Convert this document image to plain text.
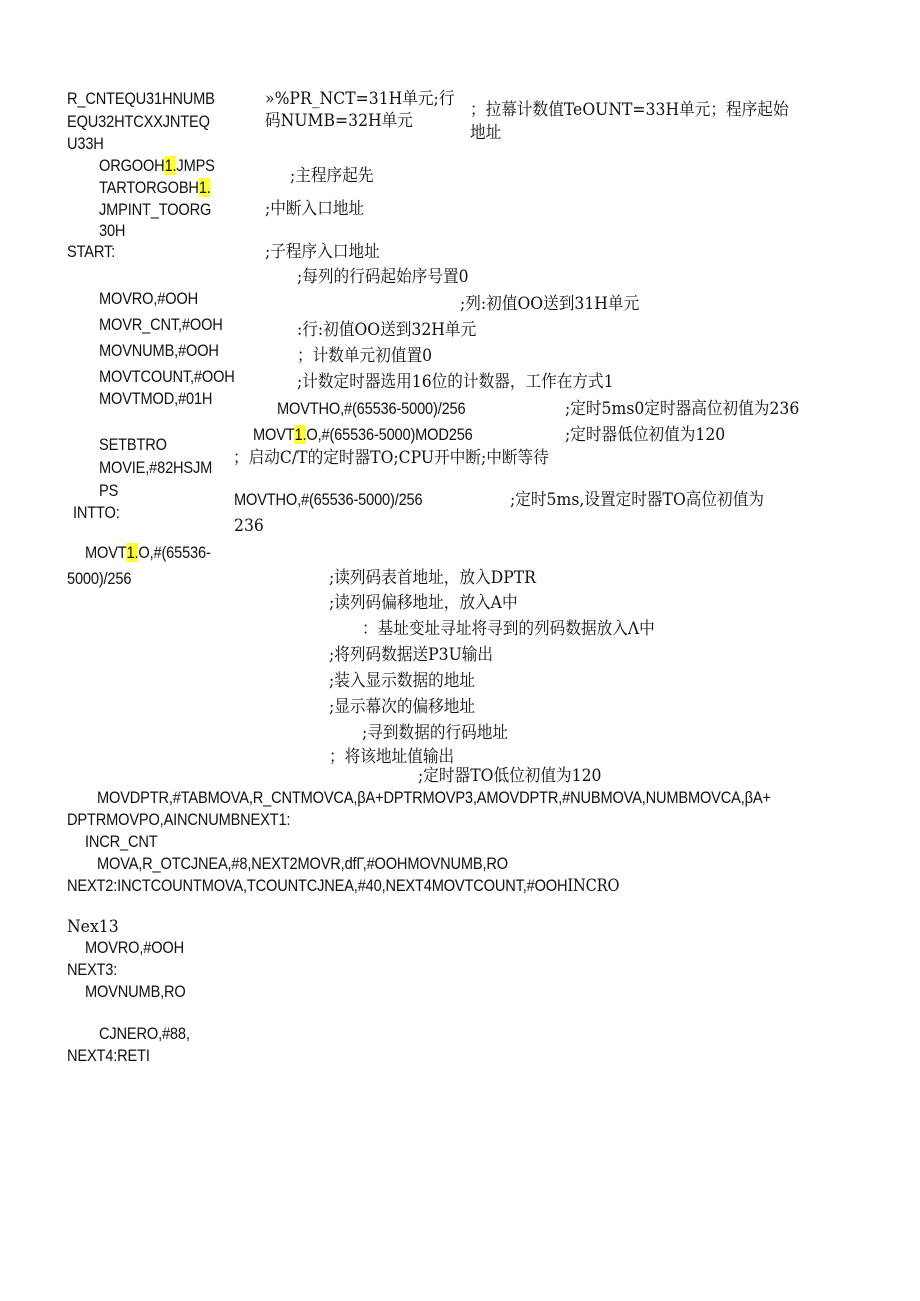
R_CNTEQU31HNUMB
EQU32HTCXXJNTEQ
U33H
ORGOOH1.JMPS
TARTORGOBH1.
JMPINT_TOORG
30H
START:
»%PR_NCT=31H单元;行
码NUMB=32H单元
；拉幕计数值TeOUNT=33H单元；程序起始
地址
;主程序起先
;中断入口地址
;子程序入口地址
;每列的行码起始序号置0
MOVRO,#OOH	;列:初值OO送到31H单元
MOVR_CNT,#OOH	:行:初值OO送到32H单元
MOVNUMB,#OOH	；计数单元初值置0
MOVTCOUNT,#OOH	;计数定时器选用16位的计数器，工作在方式1
MOVTMOD,#01H
MOVTHO,#(65536-5000)/256	;定时5ms0定时器高位初值为236
MOVT1.O,#(65536-5000)MOD256	;定时器低位初值为120
SETBTRO
MOVIE,#82HSJM ；启动C/T的定时器TO;CPU开中断;中断等待
PS
INTTO:
MOVTHO,#(65536-5000)/256	;定时5ms,设置定时器TO高位初值为
236
MOVT1.O,#(65536-
5000)/256	;读列码表首地址，放入DPTR
;读列码偏移地址，放入A中
：基址变址寻址将寻到的列码数据放入Λ中
;将列码数据送P3U输出
;装入显示数据的地址
;显示幕次的偏移地址
;寻到数据的行码地址
；将该地址值输出
;定时器TO低位初值为120
MOVDPTR,#TABMOVA,R_CNTMOVCA,βA+DPTRMOVP3,AMOVDPTR,#NUBMOVA,NUMBMOVCA,βA+
DPTRMOVPO,AINCNUMBNEXT1:
INCR_CNT
MOVA,R_OTCJNEA,#8,NEXT2MOVR,dfΓ,#OOHMOVNUMB,RO
NEXT2:INCTCOUNTMOVA,TCOUNTCJNEA,#40,NEXT4MOVTCOUNT,#OOHINCRO
Nex13
MOVRO,#OOH
NEXT3:
MOVNUMB,RO
CJNERO,#88,
NEXT4:RETI
